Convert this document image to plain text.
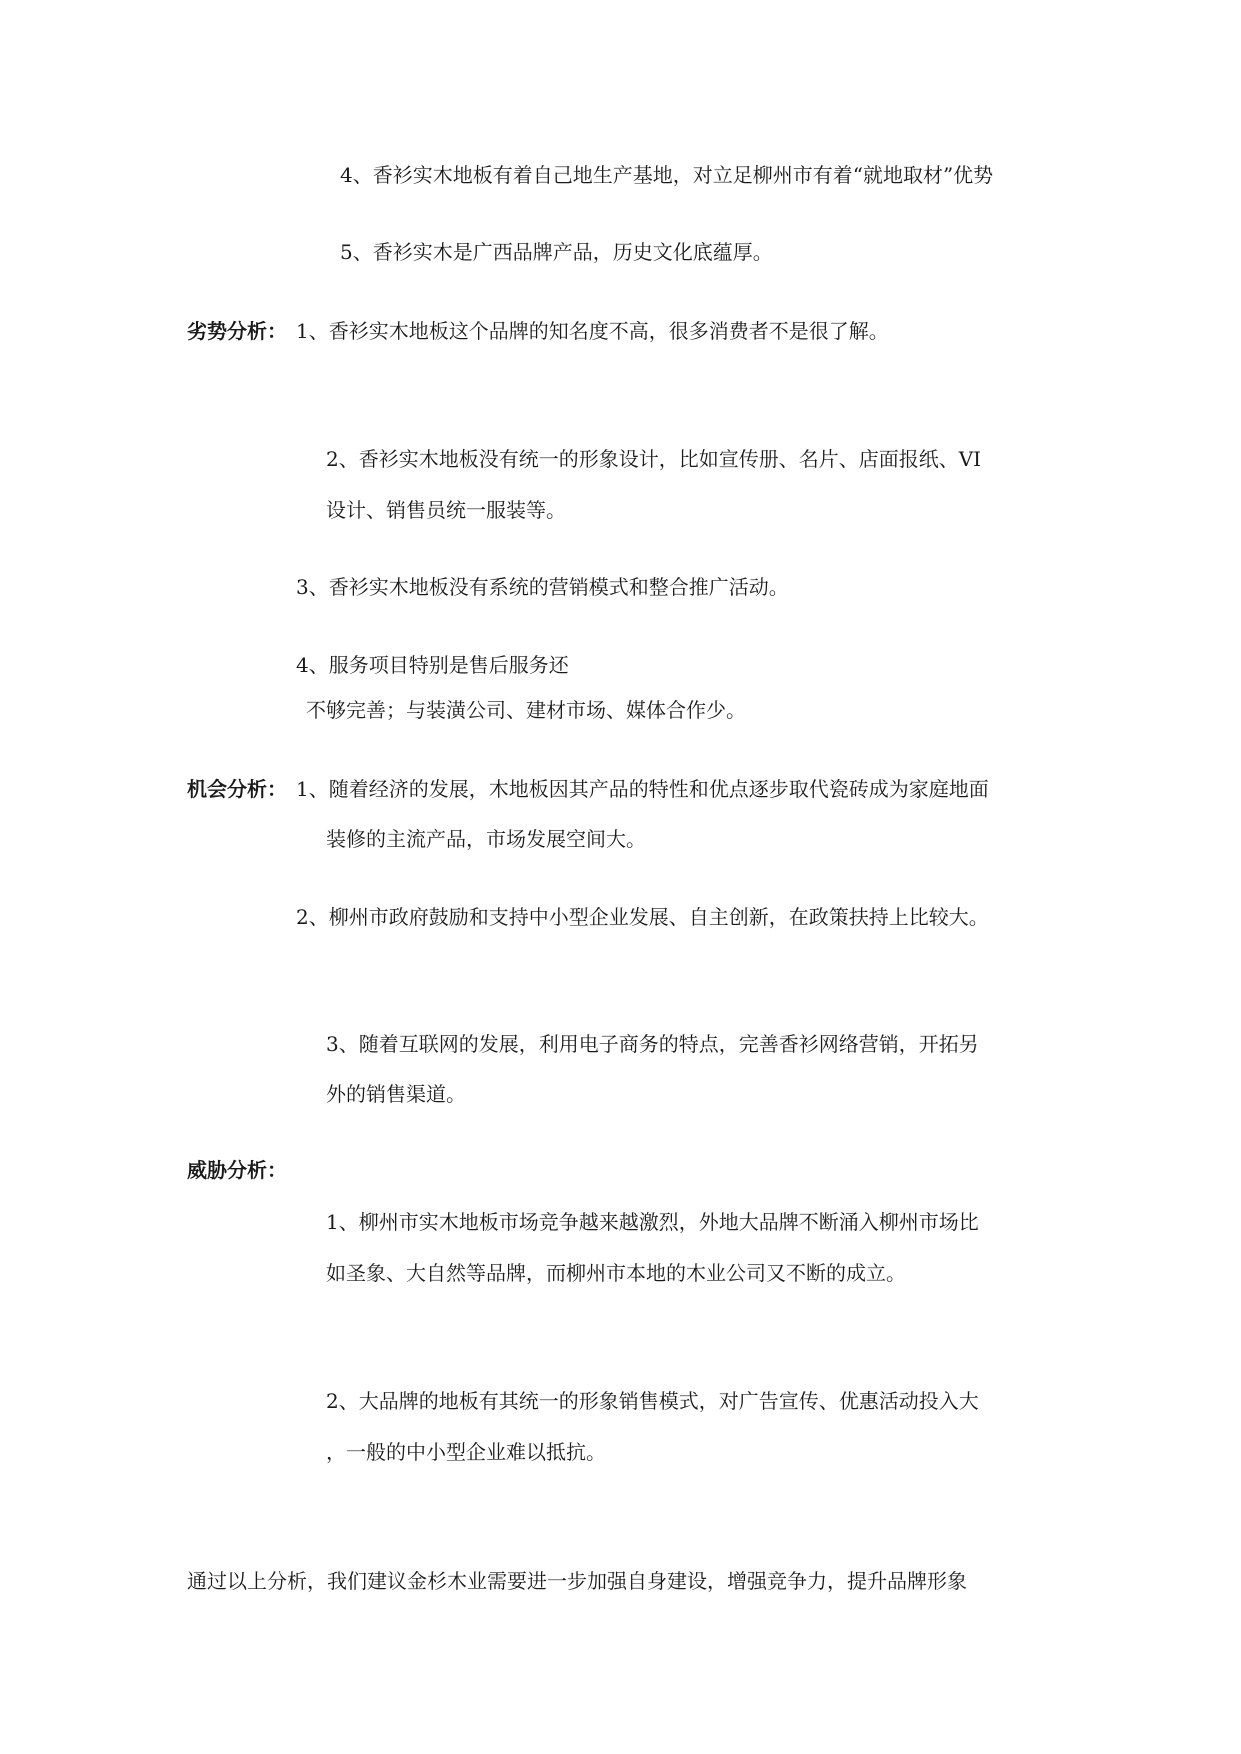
4、香衫实木地板有着自己地生产基地，对立足柳州市有着“就地取材”优势
5、香衫实木是广西品牌产品，历史文化底蕴厚。
劣势分析： 1、香衫实木地板这个品牌的知名度不高，很多消费者不是很了解。
2、香衫实木地板没有统一的形象设计，比如宣传册、名片、店面报纸、VI
设计、销售员统一服装等。
3、香衫实木地板没有系统的营销模式和整合推广活动。
4、服务项目特别是售后服务还
不够完善；与装潢公司、建材市场、媒体合作少。
机会分析： 1、随着经济的发展，木地板因其产品的特性和优点逐步取代瓷砖成为家庭地面
装修的主流产品，市场发展空间大。
2、柳州市政府鼓励和支持中小型企业发展、自主创新，在政策扶持上比较大。
3、随着互联网的发展，利用电子商务的特点，完善香衫网络营销，开拓另
外的销售渠道。
威胁分析：
1、柳州市实木地板市场竞争越来越激烈，外地大品牌不断涌入柳州市场比
如圣象、大自然等品牌，而柳州市本地的木业公司又不断的成立。
2、大品牌的地板有其统一的形象销售模式，对广告宣传、优惠活动投入大
，一般的中小型企业难以抵抗。
通过以上分析，我们建议金杉木业需要进一步加强自身建设，增强竞争力，提升品牌形象
